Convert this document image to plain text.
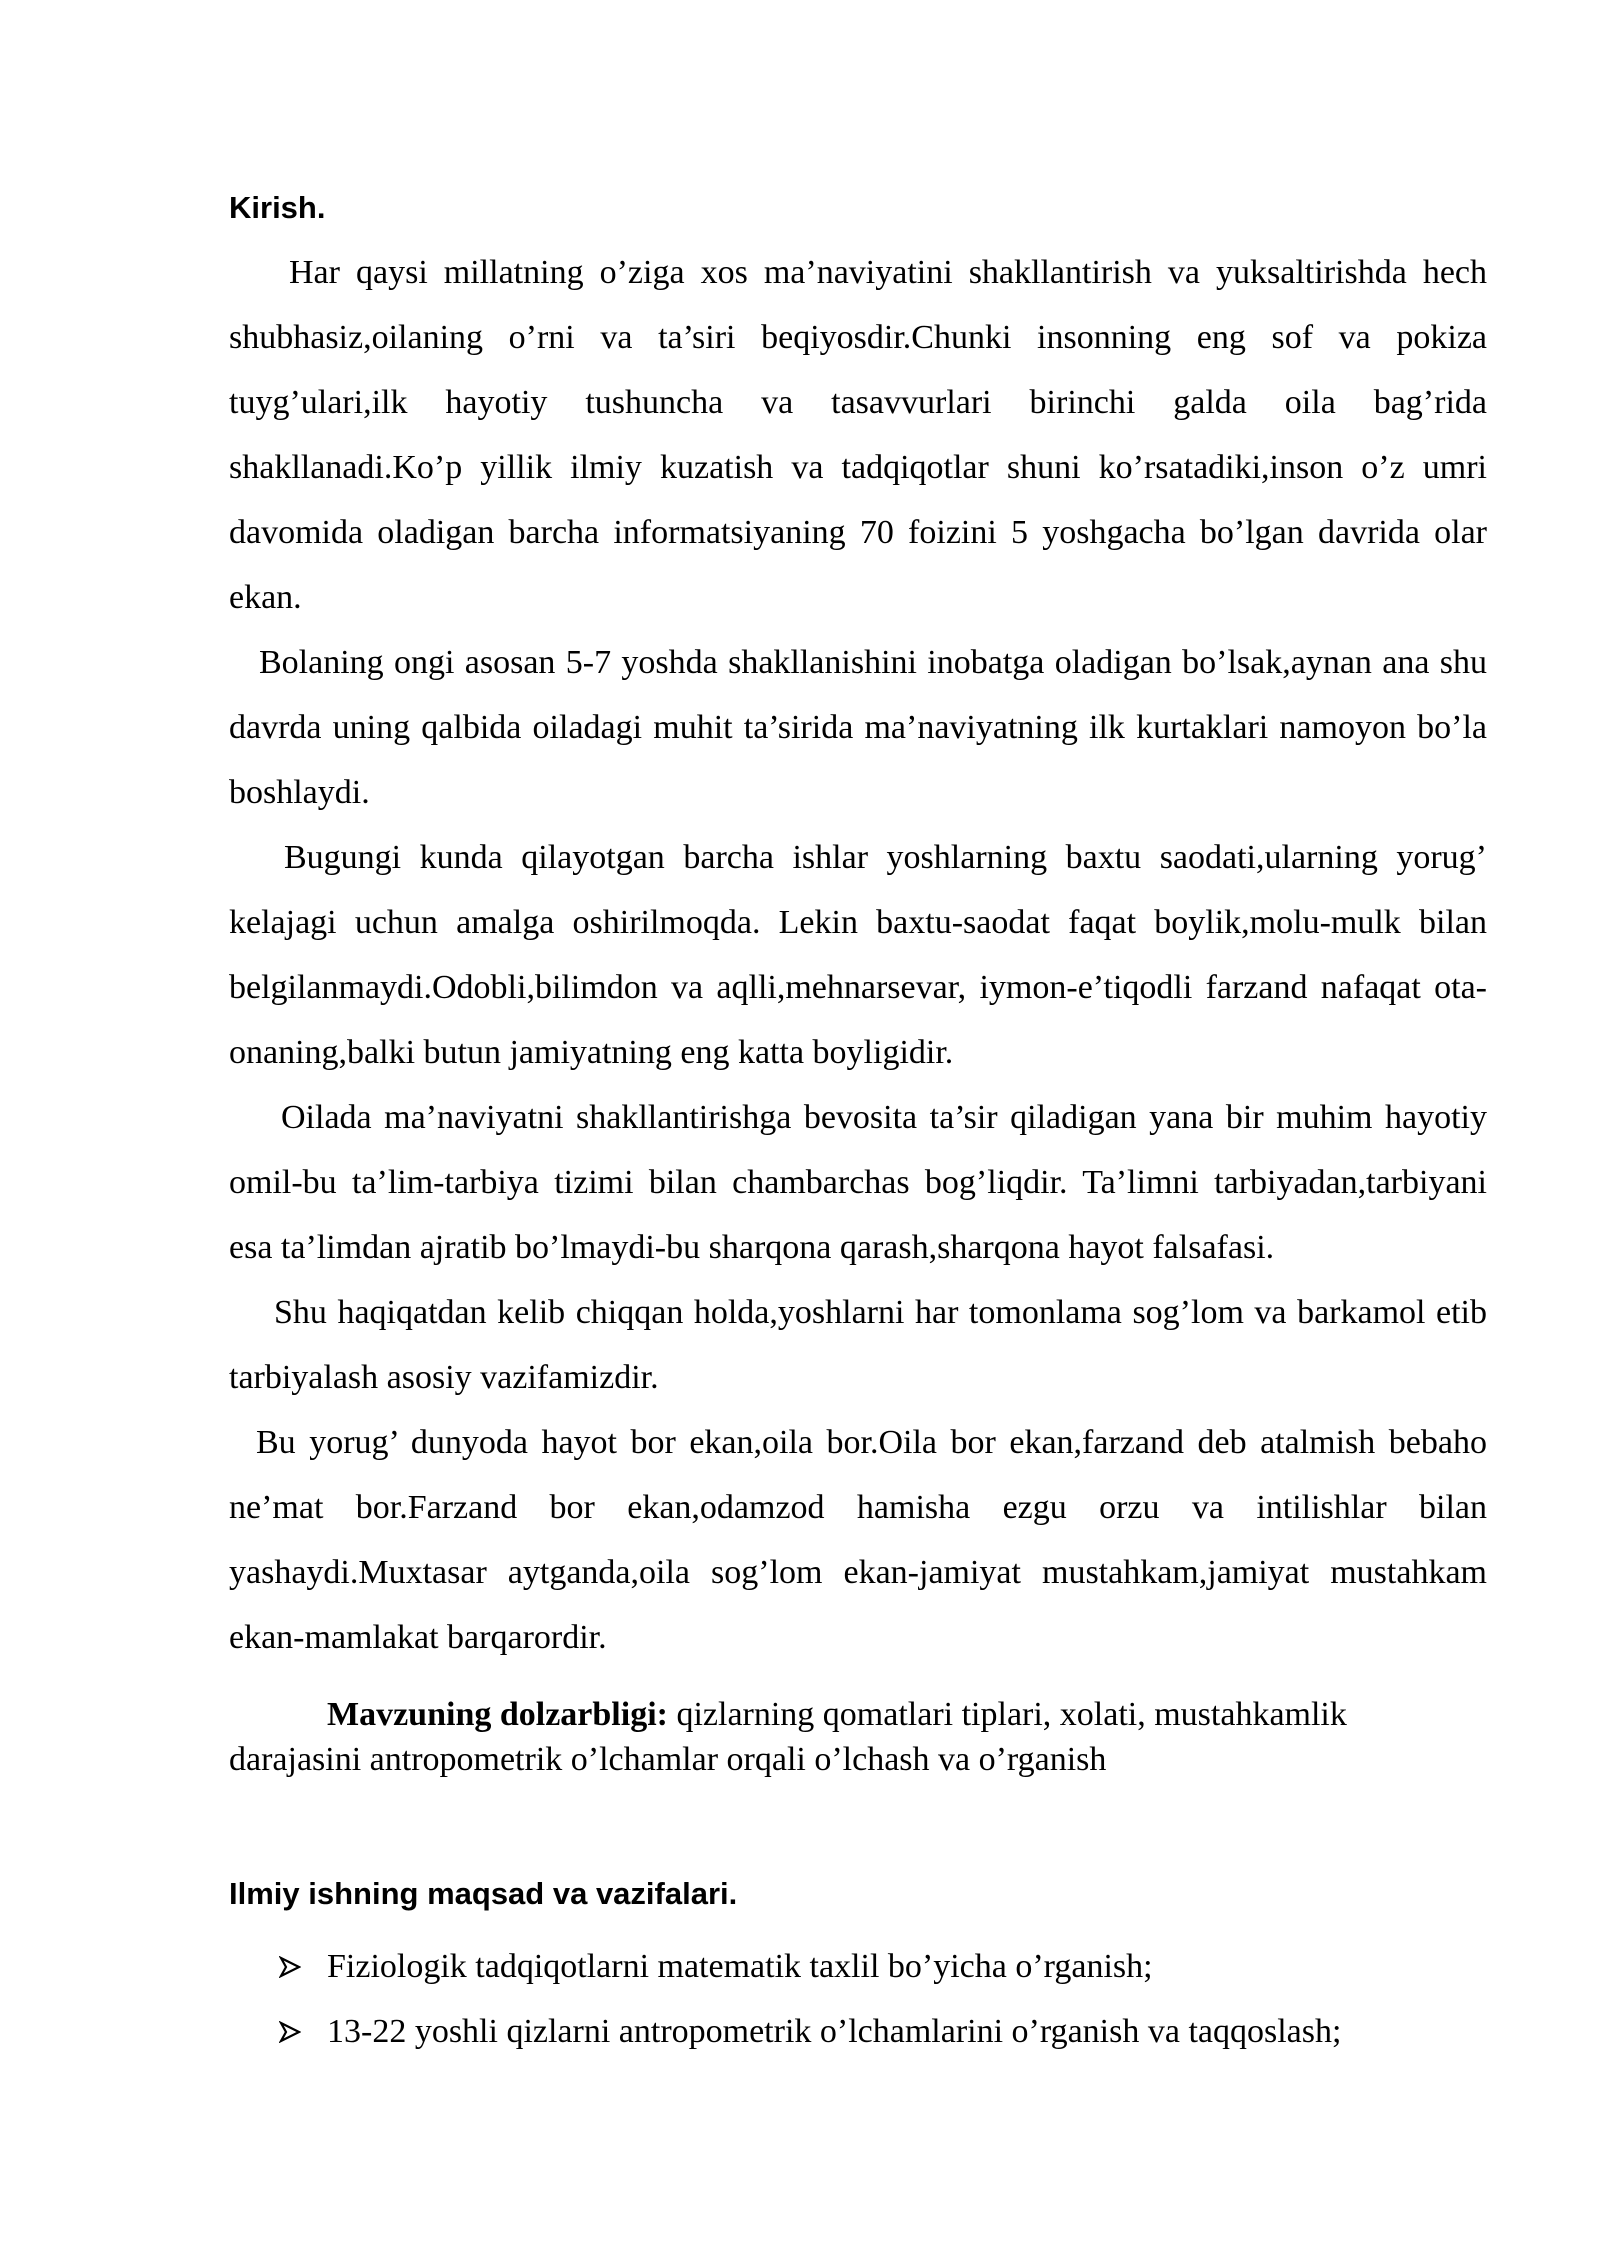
Kirish.

Har qaysi millatning o’ziga xos ma’naviyatini shakllantirish va yuksaltirishda hech shubhasiz,oilaning o’rni va ta’siri beqiyosdir.Chunki insonning eng sof va pokiza tuyg’ulari,ilk hayotiy tushuncha va tasavvurlari birinchi galda oila bag’rida shakllanadi.Ko’p yillik ilmiy kuzatish va tadqiqotlar shuni ko’rsatadiki,inson o’z umri davomida oladigan barcha informatsiyaning 70 foizini 5 yoshgacha bo’lgan davrida olar ekan.

Bolaning ongi asosan 5-7 yoshda shakllanishini inobatga oladigan bo’lsak,aynan ana shu davrda uning qalbida oiladagi muhit ta’sirida ma’naviyatning ilk kurtaklari namoyon bo’la boshlaydi.

Bugungi kunda qilayotgan barcha ishlar yoshlarning baxtu saodati,ularning yorug’ kelajagi uchun amalga oshirilmoqda. Lekin baxtu-saodat faqat boylik,molu-mulk bilan belgilanmaydi.Odobli,bilimdon va aqlli,mehnarsevar, iymon-e’tiqodli farzand nafaqat ota-onaning,balki butun jamiyatning eng katta boyligidir.

Oilada ma’naviyatni shakllantirishga bevosita ta’sir qiladigan yana bir muhim hayotiy omil-bu ta’lim-tarbiya tizimi bilan chambarchas bog’liqdir. Ta’limni tarbiyadan,tarbiyani esa ta’limdan ajratib bo’lmaydi-bu sharqona qarash,sharqona hayot falsafasi.

Shu haqiqatdan kelib chiqqan holda,yoshlarni har tomonlama sog’lom va barkamol etib tarbiyalash asosiy vazifamizdir.

Bu yorug’ dunyoda hayot bor ekan,oila bor.Oila bor ekan,farzand deb atalmish bebaho ne’mat bor.Farzand bor ekan,odamzod hamisha ezgu orzu va intilishlar bilan yashaydi.Muxtasar aytganda,oila sog’lom ekan-jamiyat mustahkam,jamiyat mustahkam ekan-mamlakat barqarordir.

Mavzuning dolzarbligi: qizlarning qomatlari tiplari, xolati, mustahkamlik darajasini antropometrik o’lchamlar orqali o’lchash va o’rganish

Ilmiy ishning maqsad va vazifalari.
Fiziologik tadqiqotlarni matematik taxlil bo’yicha o’rganish;
13-22 yoshli qizlarni antropometrik o’lchamlarini o’rganish va taqqoslash;
